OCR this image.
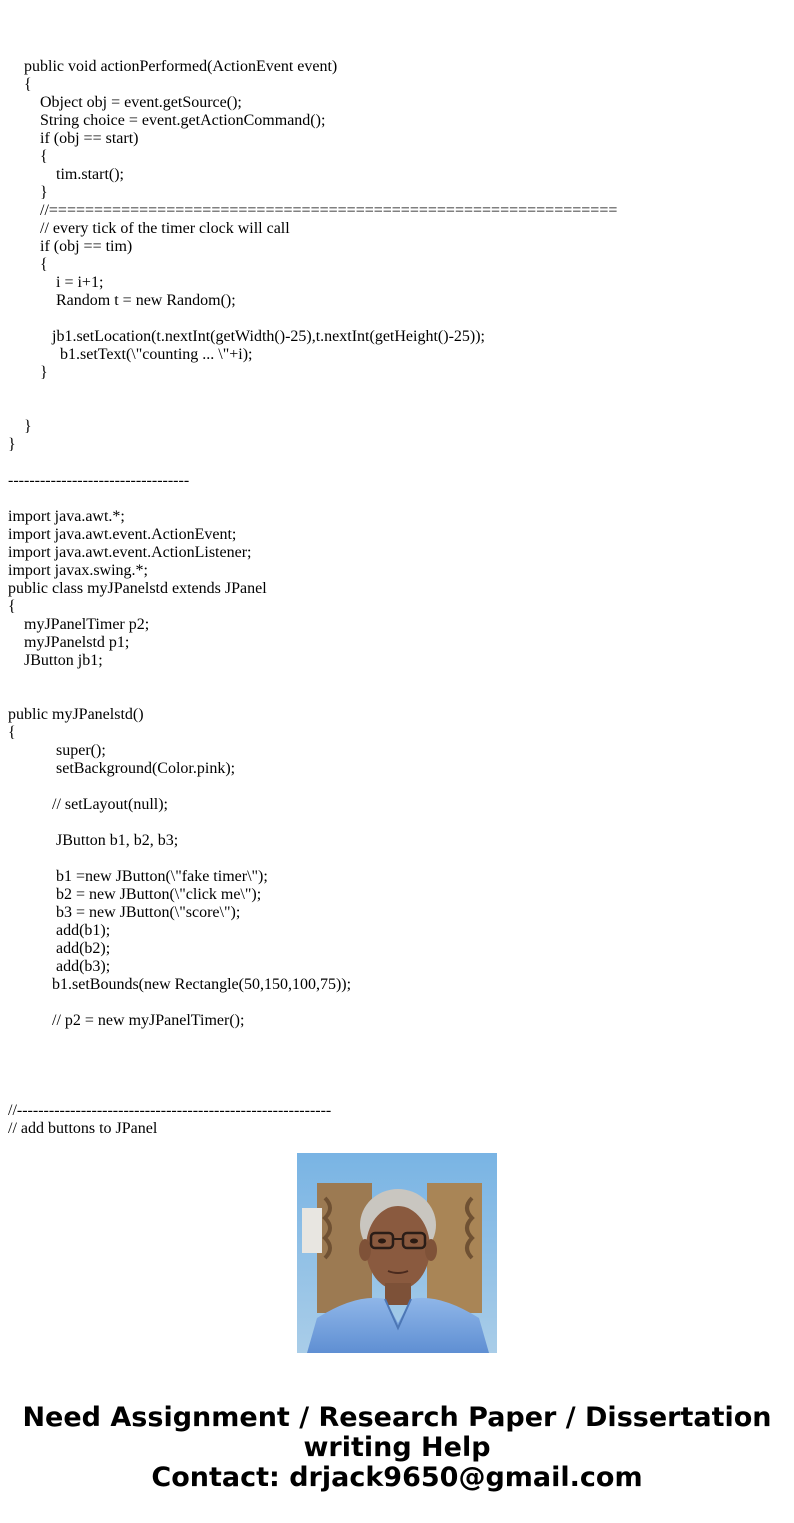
public void actionPerformed(ActionEvent event)
{
Object obj = event.getSource();
String choice = event.getActionCommand();
if (obj == start)
{
tim.start();
}
//===============================================================
// every tick of the timer clock will call
if (obj == tim)
{
i = i+1;
Random t = new Random();
jb1.setLocation(t.nextInt(getWidth()-25),t.nextInt(getHeight()-25));
b1.setText(\"counting ... \"+i);
}
}
}
----------------------------------
import java.awt.*;
import java.awt.event.ActionEvent;
import java.awt.event.ActionListener;
import javax.swing.*;
public class myJPanelstd extends JPanel
{
myJPanelTimer p2;
myJPanelstd p1;
JButton jb1;
public myJPanelstd()
{
super();
setBackground(Color.pink);
// setLayout(null);
JButton b1, b2, b3;
b1 =new JButton(\"fake timer\");
b2 = new JButton(\"click me\");
b3 = new JButton(\"score\");
add(b1);
add(b2);
add(b3);
b1.setBounds(new Rectangle(50,150,100,75));
// p2 = new myJPanelTimer();
//-----------------------------------------------------------
// add buttons to JPanel
Need Assignment / Research Paper / Dissertation
writing Help
Contact: drjack9650@gmail.com
